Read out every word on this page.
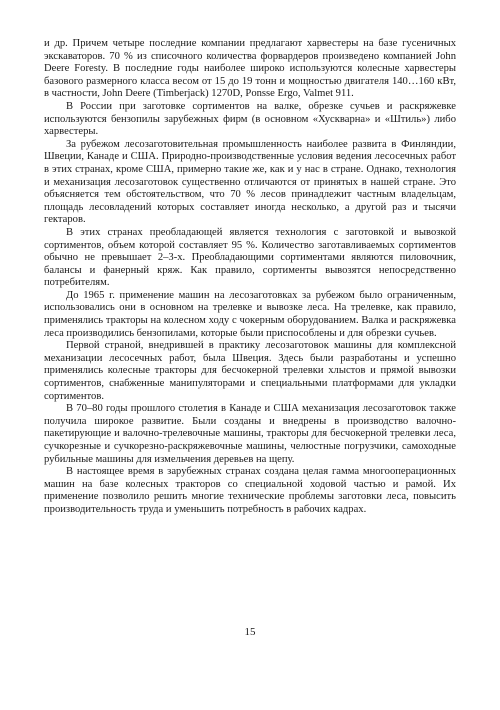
и др. Причем четыре последние компании предлагают харвестеры на базе гусеничных экскаваторов. 70 % из списочного количества форвардеров произведено компанией John Deere Foresty. В последние годы наиболее широко используются колесные харвестеры базового размерного класса весом от 15 до 19 тонн и мощностью двигателя 140…160 кВт, в частности, John Deere (Timberjack) 1270D, Ponsse Ergo, Valmet 911.

В России при заготовке сортиментов на валке, обрезке сучьев и раскряжевке используются бензопилы зарубежных фирм (в основном «Хускварна» и «Штиль») либо харвестеры.

За рубежом лесозаготовительная промышленность наиболее развита в Финляндии, Швеции, Канаде и США. Природно-производственные условия ведения лесосечных работ в этих странах, кроме США, примерно такие же, как и у нас в стране. Однако, технология и механизация лесозаготовок существенно отличаются от принятых в нашей стране. Это объясняется тем обстоятельством, что 70 % лесов принадлежит частным владельцам, площадь лесовладений которых составляет иногда несколько, а другой раз и тысячи гектаров.

В этих странах преобладающей является технология с заготовкой и вывозкой сортиментов, объем которой составляет 95 %. Количество заготавливаемых сортиментов обычно не превышает 2–3-х. Преобладающими сортиментами являются пиловочник, балансы и фанерный кряж. Как правило, сортименты вывозятся непосредственно потребителям.

До 1965 г. применение машин на лесозаготовках за рубежом было ограниченным, использовались они в основном на трелевке и вывозке леса. На трелевке, как правило, применялись тракторы на колесном ходу с чокерным оборудованием. Валка и раскряжевка леса производились бензопилами, которые были приспособлены и для обрезки сучьев.

Первой страной, внедрившей в практику лесозаготовок машины для комплексной механизации лесосечных работ, была Швеция. Здесь были разработаны и успешно применялись колесные тракторы для бесчокерной трелевки хлыстов и прямой вывозки сортиментов, снабженные манипуляторами и специальными платформами для укладки сортиментов.

В 70–80 годы прошлого столетия в Канаде и США механизация лесозаготовок также получила широкое развитие. Были созданы и внедрены в производство валочно-пакетирующие и валочно-трелевочные машины, тракторы для бесчокерной трелевки леса, сучкорезные и сучкорезно-раскряжевочные машины, челюстные погрузчики, самоходные рубильные машины для измельчения деревьев на щепу.

В настоящее время в зарубежных странах создана целая гамма многооперационных машин на базе колесных тракторов со специальной ходовой частью и рамой. Их применение позволило решить многие технические проблемы заготовки леса, повысить производительность труда и уменьшить потребность в рабочих кадрах.

15
